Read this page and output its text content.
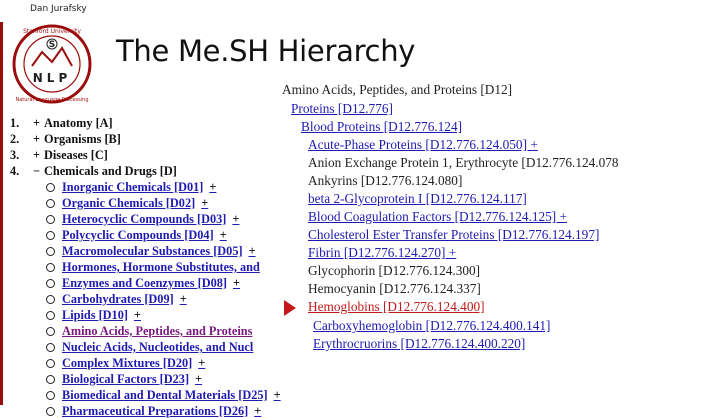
Dan Jurafsky
S
NLP
Stanford University
Natural Language Processing
The Me.SH Hierarchy
1.	+ Anatomy [A]
2.	+ Organisms [B]
3.	+ Diseases [C]
4.	− Chemicals and Drugs [D]
Inorganic Chemicals [D01] +
Organic Chemicals [D02] +
Heterocyclic Compounds [D03] +
Polycyclic Compounds [D04] +
Macromolecular Substances [D05] +
Hormones, Hormone Substitutes, and
Enzymes and Coenzymes [D08] +
Carbohydrates [D09] +
Lipids [D10] +
Amino Acids, Peptides, and Proteins
Nucleic Acids, Nucleotides, and Nucl
Complex Mixtures [D20] +
Biological Factors [D23] +
Biomedical and Dental Materials [D25] +
Pharmaceutical Preparations [D26] +
Amino Acids, Peptides, and Proteins [D12]
Proteins [D12.776]
Blood Proteins [D12.776.124]
Acute-Phase Proteins [D12.776.124.050] +
Anion Exchange Protein 1, Erythrocyte [D12.776.124.078
Ankyrins [D12.776.124.080]
beta 2-Glycoprotein I [D12.776.124.117]
Blood Coagulation Factors [D12.776.124.125] +
Cholesterol Ester Transfer Proteins [D12.776.124.197]
Fibrin [D12.776.124.270] +
Glycophorin [D12.776.124.300]
Hemocyanin [D12.776.124.337]
Hemoglobins [D12.776.124.400]
Carboxyhemoglobin [D12.776.124.400.141]
Erythrocruorins [D12.776.124.400.220]
